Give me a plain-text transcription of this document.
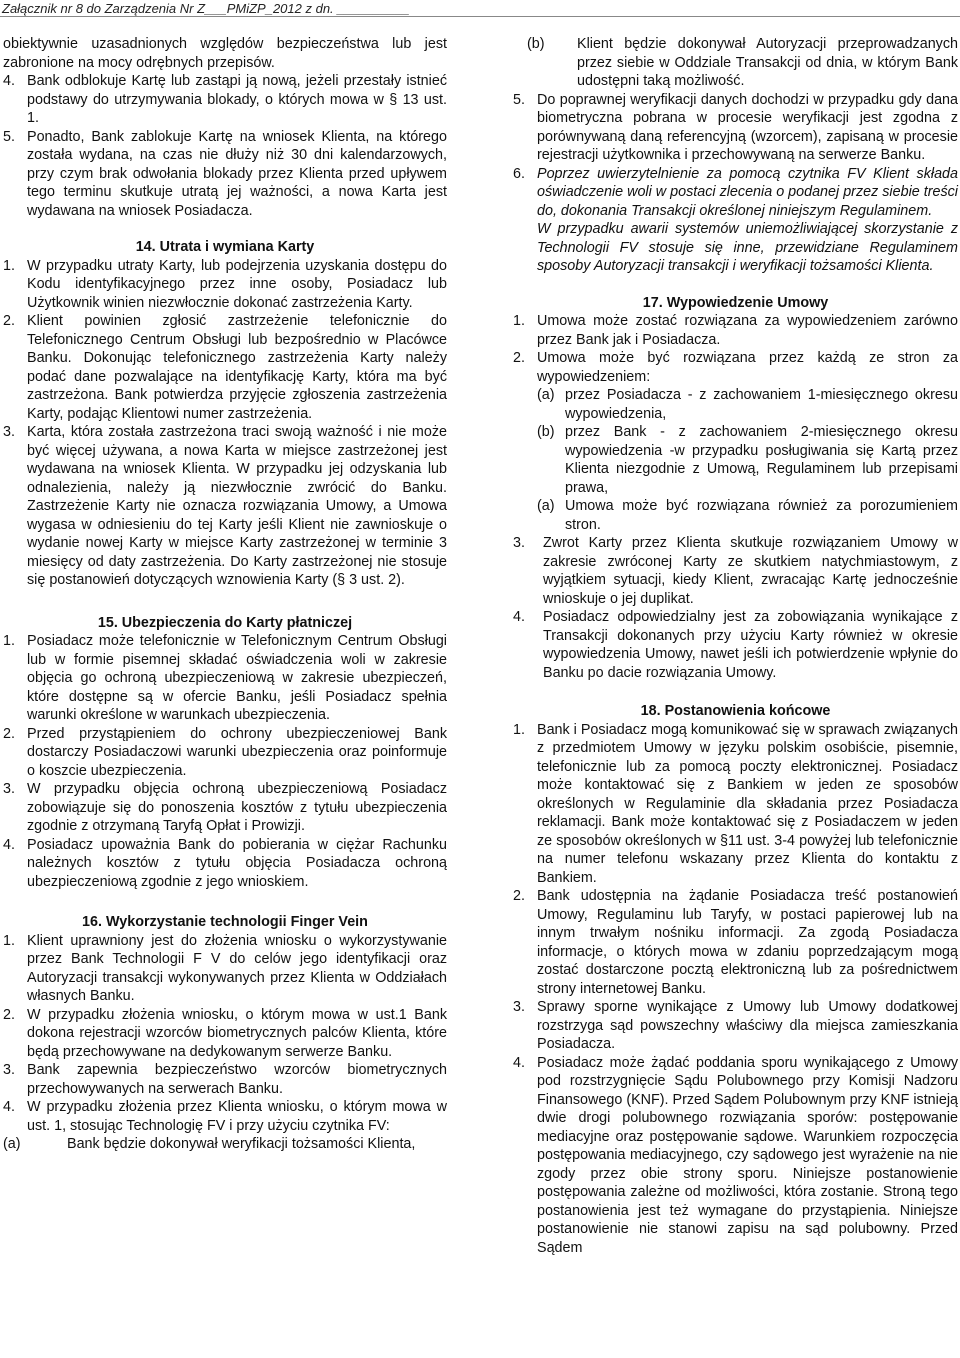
Załącznik nr 8 do Zarządzenia Nr Z___PMiZP_2012 z dn. __________

obiektywnie uzasadnionych względów bezpieczeństwa lub jest zabronione na mocy odrębnych przepisów.

4. Bank odblokuje Kartę lub zastąpi ją nową, jeżeli przestały istnieć podstawy do utrzymywania blokady, o których mowa w § 13 ust. 1.
5. Ponadto, Bank zablokuje Kartę na wniosek Klienta, na którego została wydana, na czas nie dłuży niż 30 dni kalendarzowych, przy czym brak odwołania blokady przez Klienta przed upływem tego terminu skutkuje utratą jej ważności, a nowa Karta jest wydawana na wniosek Posiadacza.

14. Utrata i wymiana Karty

1. W przypadku utraty Karty, lub podejrzenia uzyskania dostępu do Kodu identyfikacyjnego przez inne osoby, Posiadacz lub Użytkownik winien niezwłocznie dokonać zastrzeżenia Karty.
2. Klient powinien zgłosić zastrzeżenie telefonicznie do Telefonicznego Centrum Obsługi lub bezpośrednio w Placówce Banku. Dokonując telefonicznego zastrzeżenia Karty należy podać dane pozwalające na identyfikację Karty, która ma być zastrzeżona. Bank potwierdza przyjęcie zgłoszenia zastrzeżenia Karty, podając Klientowi numer zastrzeżenia.
3. Karta, która została zastrzeżona traci swoją ważność i nie może być więcej używana, a nowa Karta w miejsce zastrzeżonej jest wydawana na wniosek Klienta. W przypadku jej odzyskania lub odnalezienia, należy ją niezwłocznie zwrócić do Banku. Zastrzeżenie Karty nie oznacza rozwiązania Umowy, a Umowa wygasa w odniesieniu do tej Karty jeśli Klient nie zawnioskuje o wydanie nowej Karty w miejsce Karty zastrzeżonej w terminie 3 miesięcy od daty zastrzeżenia. Do Karty zastrzeżonej nie stosuje się postanowień dotyczących wznowienia Karty (§ 3 ust. 2).

15. Ubezpieczenia do Karty płatniczej

1. Posiadacz może telefonicznie w Telefonicznym Centrum Obsługi lub w formie pisemnej składać oświadczenia woli w zakresie objęcia go ochroną ubezpieczeniową w zakresie ubezpieczeń, które dostępne są w ofercie Banku, jeśli Posiadacz spełnia warunki określone w warunkach ubezpieczenia.
2. Przed przystąpieniem do ochrony ubezpieczeniowej Bank dostarczy Posiadaczowi warunki ubezpieczenia oraz poinformuje o koszcie ubezpieczenia.
3. W przypadku objęcia ochroną ubezpieczeniową Posiadacz zobowiązuje się do ponoszenia kosztów z tytułu ubezpieczenia zgodnie z otrzymaną Taryfą Opłat i Prowizji.
4. Posiadacz upoważnia Bank do pobierania w ciężar Rachunku należnych kosztów z tytułu objęcia Posiadacza ochroną ubezpieczeniową zgodnie z jego wnioskiem.

16. Wykorzystanie technologii Finger Vein

1. Klient uprawniony jest do złożenia wniosku o wykorzystywanie przez Bank Technologii F V do celów jego identyfikacji oraz Autoryzacji transakcji wykonywanych przez Klienta w Oddziałach własnych Banku.
2. W przypadku złożenia wniosku, o którym mowa w ust.1 Bank dokona rejestracji wzorców biometrycznych palców Klienta, które będą przechowywane na dedykowanym serwerze Banku.
3. Bank zapewnia bezpieczeństwo wzorców biometrycznych przechowywanych na serwerach Banku.
4. W przypadku złożenia przez Klienta wniosku, o którym mowa w ust. 1, stosując Technologię FV i przy użyciu czytnika FV:
(a)	Bank będzie dokonywał weryfikacji tożsamości Klienta,
(b) Klient będzie dokonywał Autoryzacji przeprowadzanych przez siebie w Oddziale Transakcji od dnia, w którym Bank udostępni taką możliwość.
5. Do poprawnej weryfikacji danych dochodzi w przypadku gdy dana biometryczna pobrana w procesie weryfikacji jest zgodna z porównywaną daną referencyjną (wzorcem), zapisaną w procesie rejestracji użytkownika i przechowywaną na serwerze Banku.
6. Poprzez uwierzytelnienie za pomocą czytnika FV Klient składa oświadczenie woli w postaci zlecenia o podanej przez siebie treści do, dokonania Transakcji określonej niniejszym Regulaminem.

W przypadku awarii systemów uniemożliwiającej skorzystanie z Technologii FV stosuje się inne, przewidziane Regulaminem sposoby Autoryzacji transakcji i weryfikacji tożsamości Klienta.

17. Wypowiedzenie Umowy

1. Umowa może zostać rozwiązana za wypowiedzeniem zarówno przez Bank jak i Posiadacza.
2. Umowa może być rozwiązana przez każdą ze stron za wypowiedzeniem:
(a) przez Posiadacza - z zachowaniem 1-miesięcznego okresu wypowiedzenia,
(b) przez Bank - z zachowaniem 2-miesięcznego okresu wypowiedzenia -w przypadku posługiwania się Kartą przez Klienta niezgodnie z Umową, Regulaminem lub przepisami prawa,
(a) Umowa może być rozwiązana również za porozumieniem stron.
3. Zwrot Karty przez Klienta skutkuje rozwiązaniem Umowy w zakresie zwróconej Karty ze skutkiem natychmiastowym, z wyjątkiem sytuacji, kiedy Klient, zwracając Kartę jednocześnie wnioskuje o jej duplikat.
4. Posiadacz odpowiedzialny jest za zobowiązania wynikające z Transakcji dokonanych przy użyciu Karty również w okresie wypowiedzenia Umowy, nawet jeśli ich potwierdzenie wpłynie do Banku po dacie rozwiązania Umowy.

18. Postanowienia końcowe

1. Bank i Posiadacz mogą komunikować się w sprawach związanych z przedmiotem Umowy w języku polskim osobiście, pisemnie, telefonicznie lub za pomocą poczty elektronicznej. Posiadacz może kontaktować się z Bankiem w jeden ze sposobów określonych w Regulaminie dla składania przez Posiadacza reklamacji. Bank może kontaktować się z Posiadaczem w jeden ze sposobów określonych w §11 ust. 3-4 powyżej lub telefonicznie na numer telefonu wskazany przez Klienta do kontaktu z Bankiem.
2. Bank udostępnia na żądanie Posiadacza treść postanowień Umowy, Regulaminu lub Taryfy, w postaci papierowej lub na innym trwałym nośniku informacji. Za zgodą Posiadacza informacje, o których mowa w zdaniu poprzedzającym mogą zostać dostarczone pocztą elektroniczną lub za pośrednictwem strony internetowej Banku.
3. Sprawy sporne wynikające z Umowy lub Umowy dodatkowej rozstrzyga sąd powszechny właściwy dla miejsca zamieszkania Posiadacza.
4. Posiadacz może żądać poddania sporu wynikającego z Umowy pod rozstrzygnięcie Sądu Polubownego przy Komisji Nadzoru Finansowego (KNF). Przed Sądem Polubownym przy KNF istnieją dwie drogi polubownego rozwiązania sporów: postępowanie mediacyjne oraz postępowanie sądowe. Warunkiem rozpoczęcia postępowania mediacyjnego, czy sądowego jest wyrażenie na nie zgody przez obie strony sporu. Niniejsze postanowienie postępowania zależne od możliwości, która zostanie. Stroną tego postanowienia jest też wymagane do przystąpienia. Niniejsze postanowienie nie stanowi zapisu na sąd polubowny. Przed Sądem
